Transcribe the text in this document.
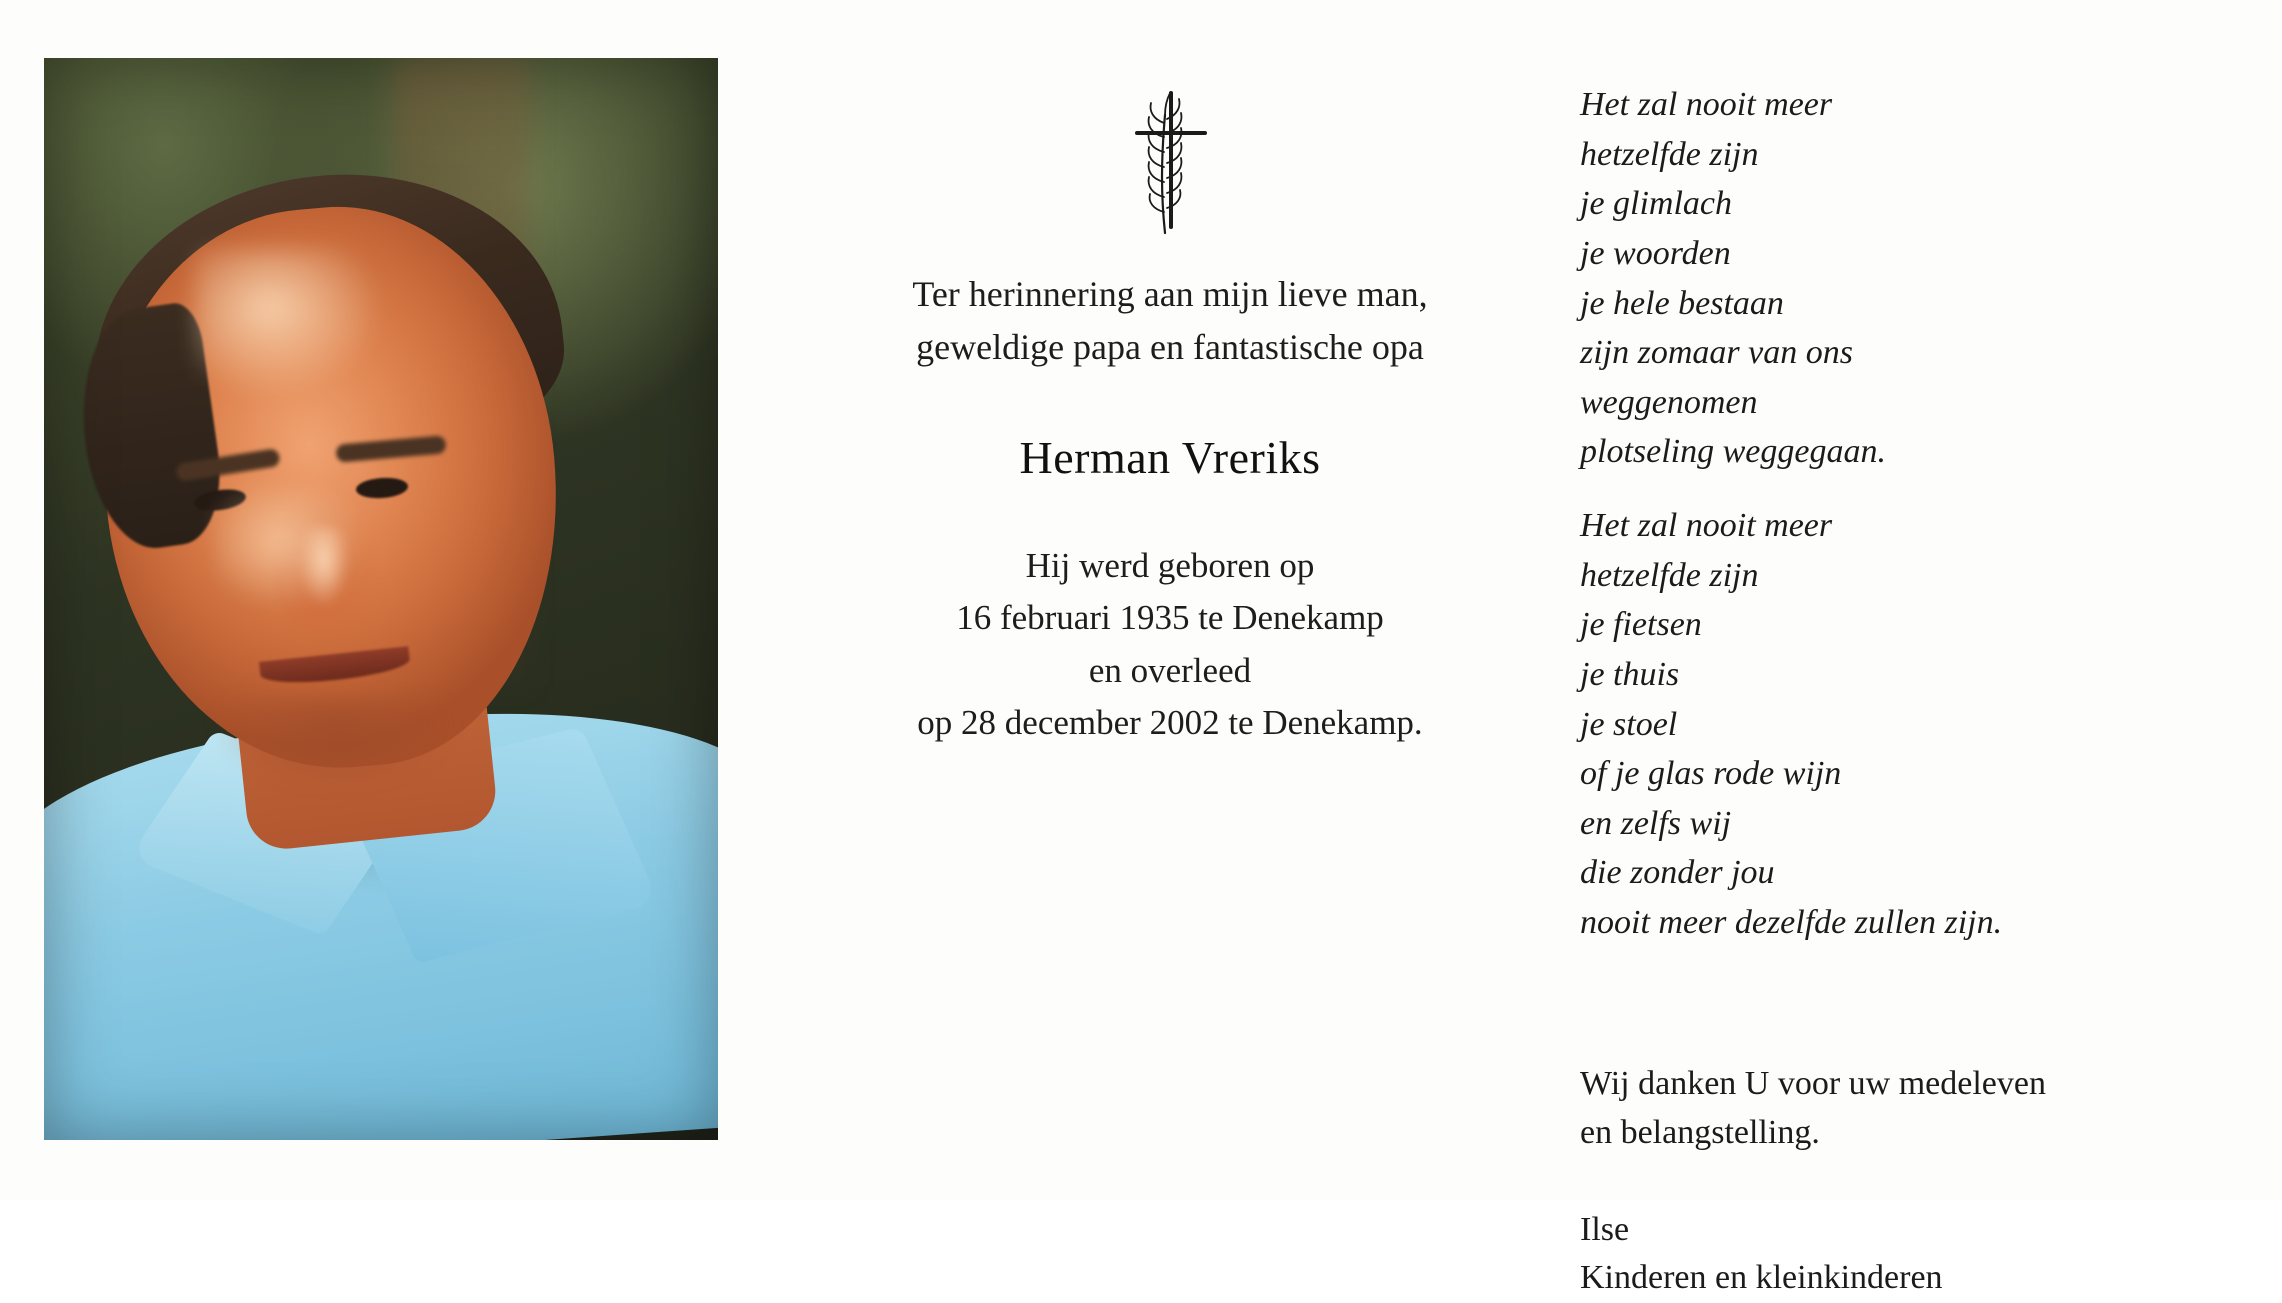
Ter herinnering aan mijn lieve man,
geweldige papa en fantastische opa
Herman Vreriks
Hij werd geboren op
16 februari 1935 te Denekamp
en overleed
op 28 december 2002 te Denekamp.
Het zal nooit meer
hetzelfde zijn
je glimlach
je woorden
je hele bestaan
zijn zomaar van ons
weggenomen
plotseling weggegaan.
Het zal nooit meer
hetzelfde zijn
je fietsen
je thuis
je stoel
of je glas rode wijn
en zelfs wij
die zonder jou
nooit meer dezelfde zullen zijn.
Wij danken U voor uw medeleven
en belangstelling.
Ilse
Kinderen en kleinkinderen
